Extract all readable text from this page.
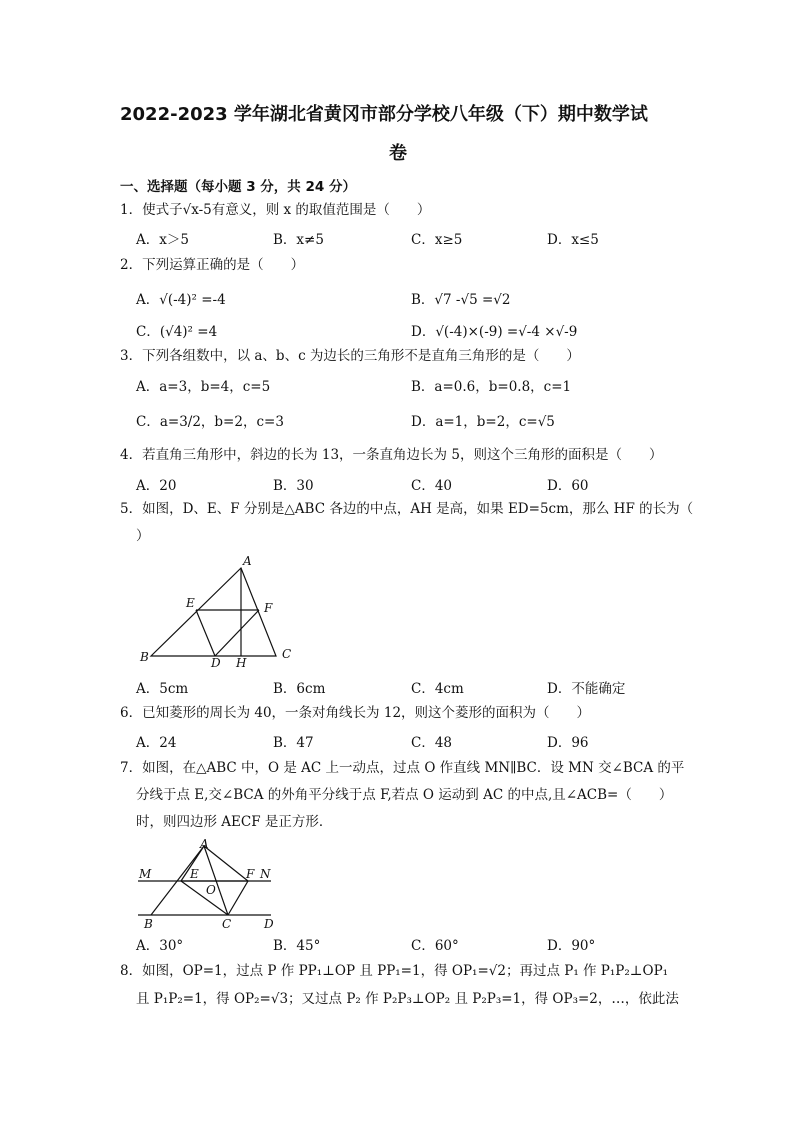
2022-2023 学年湖北省黄冈市部分学校八年级（下）期中数学试
卷
一、选择题（每小题 3 分，共 24 分）
1．使式子√x-5有意义，则 x 的取值范围是（　　）
A．x＞5	B．x≠5	C．x≥5	D．x≤5
2．下列运算正确的是（　　）
A．√(-4)² =-4	B．√7 -√5 =√2
C．(√4)² =4	D．√(-4)×(-9) =√-4 ×√-9
3．下列各组数中，以 a、b、c 为边长的三角形不是直角三角形的是（　　）
A．a=3，b=4，c=5	B．a=0.6，b=0.8，c=1
C．a=3/2，b=2，c=3	D．a=1，b=2，c=√5
4．若直角三角形中，斜边的长为 13，一条直角边长为 5，则这个三角形的面积是（　　）
A．20	B．30	C．40	D．60
5．如图，D、E、F 分别是△ABC 各边的中点，AH 是高，如果 ED=5cm，那么 HF 的长为（
）
A
B	C
D
E	F
H
A．5cm	B．6cm	C．4cm	D．不能确定
6．已知菱形的周长为 40，一条对角线长为 12，则这个菱形的面积为（　　）
A．24	B．47	C．48	D．96
7．如图，在△ABC 中，O 是 AC 上一动点，过点 O 作直线 MN∥BC．设 MN 交∠BCA 的平
分线于点 E,交∠BCA 的外角平分线于点 F,若点 O 运动到 AC 的中点,且∠ACB=（　　）
时，则四边形 AECF 是正方形．
A
B	C	D
E	F
M	N
O
A．30°	B．45°	C．60°	D．90°
8．如图，OP=1，过点 P 作 PP₁⊥OP 且 PP₁=1，得 OP₁=√2；再过点 P₁ 作 P₁P₂⊥OP₁
且 P₁P₂=1，得 OP₂=√3；又过点 P₂ 作 P₂P₃⊥OP₂ 且 P₂P₃=1，得 OP₃=2，…，依此法
